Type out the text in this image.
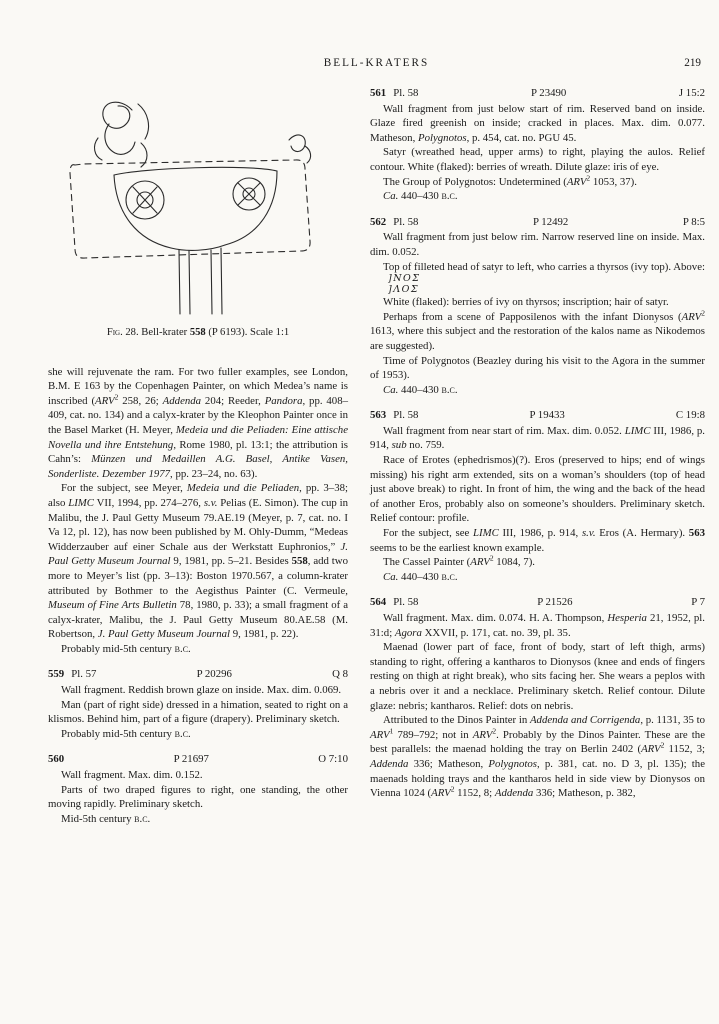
BELL-KRATERS	219
Fig. 28. Bell-krater 558 (P 6193). Scale 1:1

she will rejuvenate the ram. For two fuller examples, see London, B.M. E 163 by the Copenhagen Painter, on which Medea’s name is inscribed (ARV$^2$ 258, 26; Addenda 204; Reeder, Pandora, pp. 408–409, cat. no. 134) and a calyx-krater by the Kleophon Painter once in the Basel Market (H. Meyer, Medeia und die Peliaden: Eine attische Novella und ihre Entstehung, Rome 1980, pl. 13:1; the attribution is Cahn’s: Münzen und Medaillen A.G. Basel, Antike Vasen, Sonderliste. Dezember 1977, pp. 23–24, no. 63).

For the subject, see Meyer, Medeia und die Peliaden, pp. 3–38; also LIMC VII, 1994, pp. 274–276, s.v. Pelias (E. Simon). The cup in Malibu, the J. Paul Getty Museum 79.AE.19 (Meyer, p. 7, cat. no. I Va 12, pl. 12), has now been published by M. Ohly-Dumm, “Medeas Widderzauber auf einer Schale aus der Werkstatt Euphronios,” J. Paul Getty Museum Journal 9, 1981, pp. 5–21. Besides 558, add two more to Meyer’s list (pp. 3–13): Boston 1970.567, a column-krater attributed by Bothmer to the Aegisthus Painter (C. Vermeule, Museum of Fine Arts Bulletin 78, 1980, p. 33); a small fragment of a calyx-krater, Malibu, the J. Paul Getty Museum 80.AE.58 (M. Robertson, J. Paul Getty Museum Journal 9, 1981, p. 22).

Probably mid-5th century b.c.

559 Pl. 57	P 20296	Q 8

Wall fragment. Reddish brown glaze on inside. Max. dim. 0.069.

Man (part of right side) dressed in a himation, seated to right on a klismos. Behind him, part of a figure (drapery). Preliminary sketch.

Probably mid-5th century b.c.

560	P 21697	O 7:10

Wall fragment. Max. dim. 0.152.

Parts of two draped figures to right, one standing, the other moving rapidly. Preliminary sketch.

Mid-5th century b.c.

561 Pl. 58	P 23490	J 15:2

Wall fragment from just below start of rim. Reserved band on inside. Glaze fired greenish on inside; cracked in places. Max. dim. 0.077. Matheson, Polygnotos, p. 454, cat. no. PGU 45.

Satyr (wreathed head, upper arms) to right, playing the aulos. Relief contour. White (flaked): berries of wreath. Dilute glaze: iris of eye.

The Group of Polygnotos: Undetermined (ARV$^2$ 1053, 37).

Ca. 440–430 b.c.

562 Pl. 58	P 12492	P 8:5

Wall fragment from just below rim. Narrow reserved line on inside. Max. dim. 0.052.

Top of filleted head of satyr to left, who carries a thyrsos (ivy top). Above:
]ΝΟΣ
]ΛΟΣ

White (flaked): berries of ivy on thyrsos; inscription; hair of satyr.

Perhaps from a scene of Papposilenos with the infant Dionysos (ARV$^2$ 1613, where this subject and the restoration of the kalos name as Nikodemos are suggested).

Time of Polygnotos (Beazley during his visit to the Agora in the summer of 1953).

Ca. 440–430 b.c.

563 Pl. 58	P 19433	C 19:8

Wall fragment from near start of rim. Max. dim. 0.052. LIMC III, 1986, p. 914, sub no. 759.

Race of Erotes (ephedrismos)(?). Eros (preserved to hips; end of wings missing) his right arm extended, sits on a woman’s shoulders (top of head just above break) to right. In front of him, the wing and the back of the head of another Eros, probably also on someone’s shoulders. Preliminary sketch. Relief contour: profile.

For the subject, see LIMC III, 1986, p. 914, s.v. Eros (A. Hermary). 563 seems to be the earliest known example.

The Cassel Painter (ARV$^2$ 1084, 7).

Ca. 440–430 b.c.

564 Pl. 58	P 21526	P 7

Wall fragment. Max. dim. 0.074. H. A. Thompson, Hesperia 21, 1952, pl. 31:d; Agora XXVII, p. 171, cat. no. 39, pl. 35.

Maenad (lower part of face, front of body, start of left thigh, arms) standing to right, offering a kantharos to Dionysos (knee and ends of fingers resting on thigh at right break), who sits facing her. She wears a peplos with a nebris over it and a necklace. Preliminary sketch. Relief contour. Dilute glaze: nebris; kantharos. Relief: dots on nebris.

Attributed to the Dinos Painter in Addenda and Corrigenda, p. 1131, 35 to ARV$^1$ 789–792; not in ARV$^2$. Probably by the Dinos Painter. These are the best parallels: the maenad holding the tray on Berlin 2402 (ARV$^2$ 1152, 3; Addenda 336; Matheson, Polygnotos, p. 381, cat. no. D 3, pl. 135); the maenads holding trays and the kantharos held in side view by Dionysos on Vienna 1024 (ARV$^2$ 1152, 8; Addenda 336; Matheson, p. 382,
